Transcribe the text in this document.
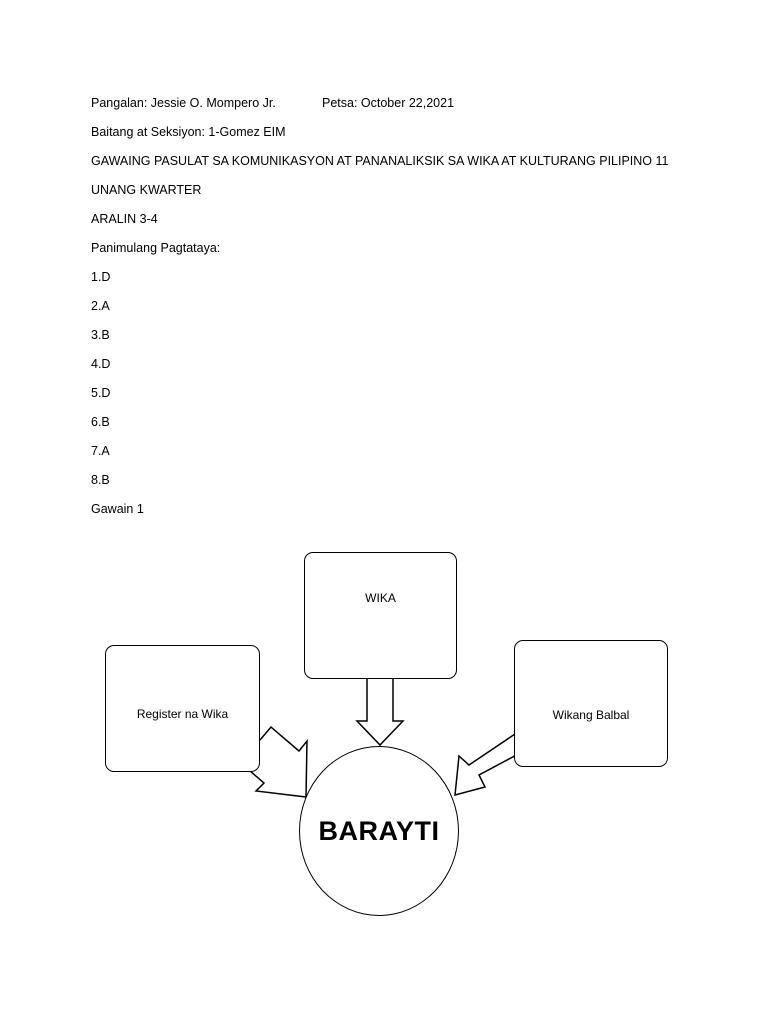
Pangalan: Jessie O. Mompero Jr.	Petsa: October 22,2021
Baitang at Seksiyon: 1-Gomez EIM
GAWAING PASULAT SA KOMUNIKASYON AT PANANALIKSIK SA WIKA AT KULTURANG PILIPINO 11
UNANG KWARTER
ARALIN 3-4
Panimulang Pagtataya:
1.D
2.A
3.B
4.D
5.D
6.B
7.A
8.B
Gawain 1
WIKA
Register na Wika	Wikang Balbal
BARAYTI
